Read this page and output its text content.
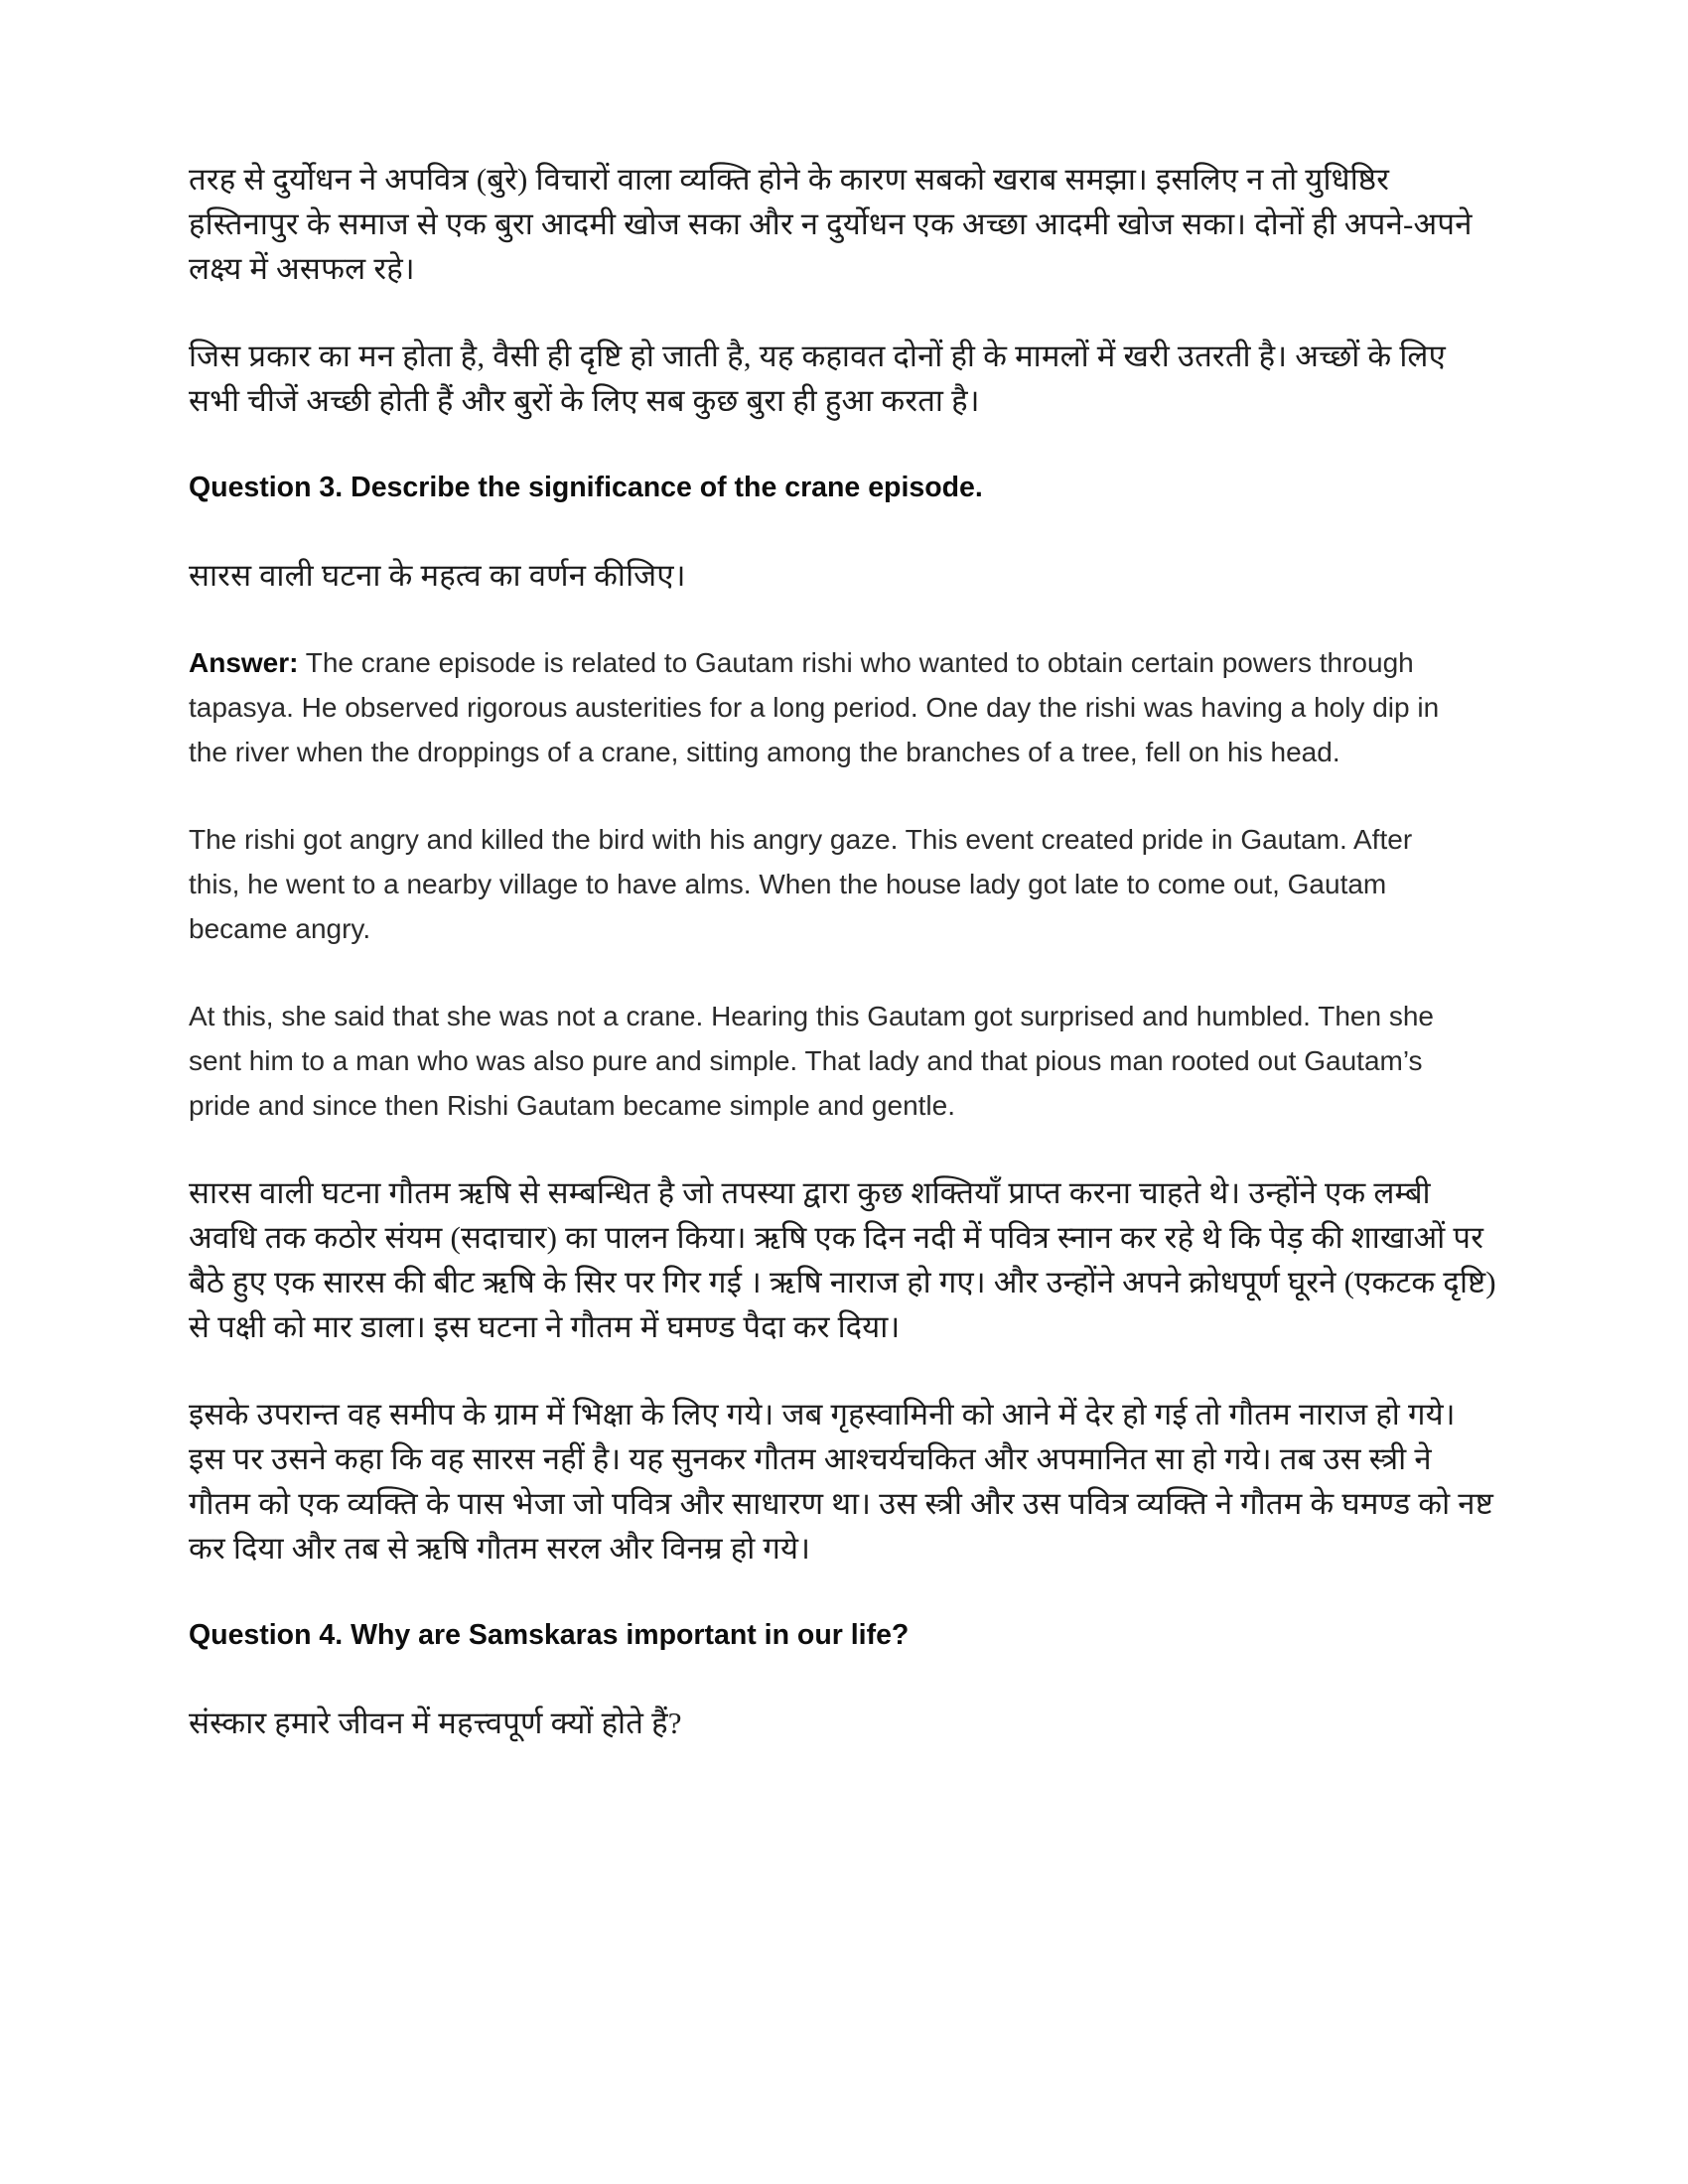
तरह से दुर्योधन ने अपवित्र (बुरे) विचारों वाला व्यक्ति होने के कारण सबको खराब समझा। इसलिए न तो युधिष्ठिर हस्तिनापुर के समाज से एक बुरा आदमी खोज सका और न दुर्योधन एक अच्छा आदमी खोज सका। दोनों ही अपने-अपने लक्ष्य में असफल रहे।

जिस प्रकार का मन होता है, वैसी ही दृष्टि हो जाती है, यह कहावत दोनों ही के मामलों में खरी उतरती है। अच्छों के लिए सभी चीजें अच्छी होती हैं और बुरों के लिए सब कुछ बुरा ही हुआ करता है।

Question 3. Describe the significance of the crane episode.

सारस वाली घटना के महत्व का वर्णन कीजिए।

Answer: The crane episode is related to Gautam rishi who wanted to obtain certain powers through tapasya. He observed rigorous austerities for a long period. One day the rishi was having a holy dip in the river when the droppings of a crane, sitting among the branches of a tree, fell on his head.

The rishi got angry and killed the bird with his angry gaze. This event created pride in Gautam. After this, he went to a nearby village to have alms. When the house lady got late to come out, Gautam became angry.

At this, she said that she was not a crane. Hearing this Gautam got surprised and humbled. Then she sent him to a man who was also pure and simple. That lady and that pious man rooted out Gautam’s pride and since then Rishi Gautam became simple and gentle.

सारस वाली घटना गौतम ऋषि से सम्बन्धित है जो तपस्या द्वारा कुछ शक्तियाँ प्राप्त करना चाहते थे। उन्होंने एक लम्बी अवधि तक कठोर संयम (सदाचार) का पालन किया। ऋषि एक दिन नदी में पवित्र स्नान कर रहे थे कि पेड़ की शाखाओं पर बैठे हुए एक सारस की बीट ऋषि के सिर पर गिर गई । ऋषि नाराज हो गए। और उन्होंने अपने क्रोधपूर्ण घूरने (एकटक दृष्टि) से पक्षी को मार डाला। इस घटना ने गौतम में घमण्ड पैदा कर दिया।

इसके उपरान्त वह समीप के ग्राम में भिक्षा के लिए गये। जब गृहस्वामिनी को आने में देर हो गई तो गौतम नाराज हो गये। इस पर उसने कहा कि वह सारस नहीं है। यह सुनकर गौतम आश्चर्यचकित और अपमानित सा हो गये। तब उस स्त्री ने गौतम को एक व्यक्ति के पास भेजा जो पवित्र और साधारण था। उस स्त्री और उस पवित्र व्यक्ति ने गौतम के घमण्ड को नष्ट कर दिया और तब से ऋषि गौतम सरल और विनम्र हो गये।

Question 4. Why are Samskaras important in our life?

संस्कार हमारे जीवन में महत्त्वपूर्ण क्यों होते हैं?
